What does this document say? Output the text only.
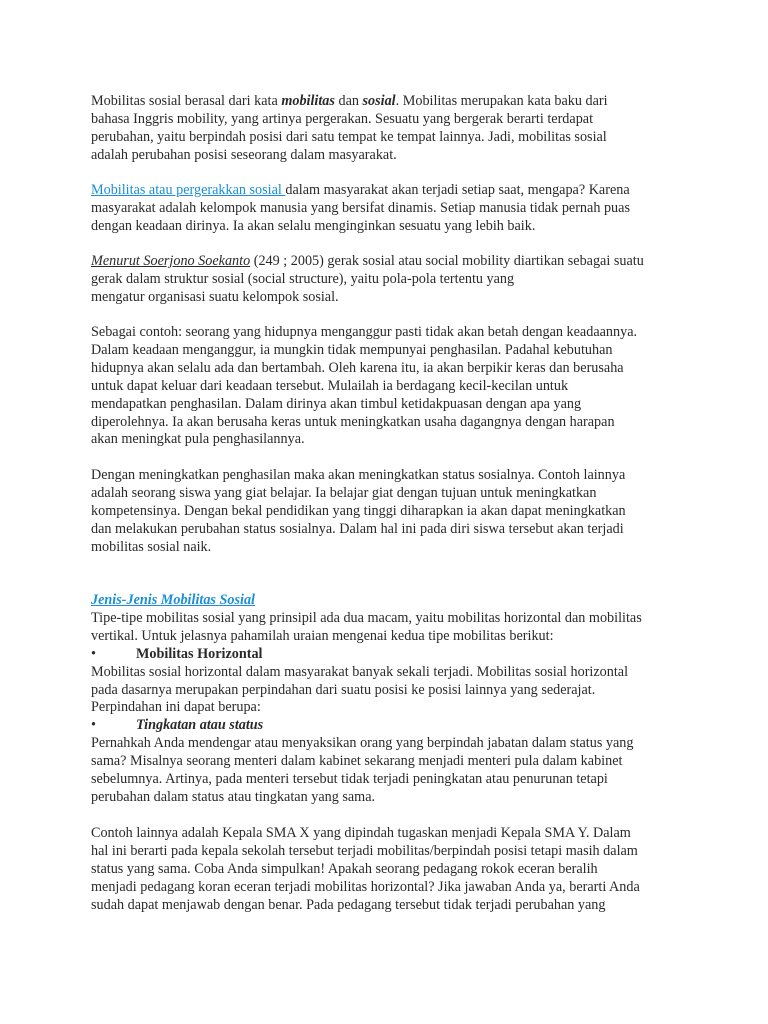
Mobilitas sosial berasal dari kata mobilitas dan sosial. Mobilitas merupakan kata baku dari
bahasa Inggris mobility, yang artinya pergerakan. Sesuatu yang bergerak berarti terdapat
perubahan, yaitu berpindah posisi dari satu tempat ke tempat lainnya. Jadi, mobilitas sosial
adalah perubahan posisi seseorang dalam masyarakat.
Mobilitas atau pergerakkan sosial dalam masyarakat akan terjadi setiap saat, mengapa? Karena
masyarakat adalah kelompok manusia yang bersifat dinamis. Setiap manusia tidak pernah puas
dengan keadaan dirinya. Ia akan selalu menginginkan sesuatu yang lebih baik.
Menurut Soerjono Soekanto (249 ; 2005) gerak sosial atau social mobility diartikan sebagai suatu
gerak dalam struktur sosial (social structure), yaitu pola-pola tertentu yang
mengatur organisasi suatu kelompok sosial.
Sebagai contoh: seorang yang hidupnya menganggur pasti tidak akan betah dengan keadaannya.
Dalam keadaan menganggur, ia mungkin tidak mempunyai penghasilan. Padahal kebutuhan
hidupnya akan selalu ada dan bertambah. Oleh karena itu, ia akan berpikir keras dan berusaha
untuk dapat keluar dari keadaan tersebut. Mulailah ia berdagang kecil-kecilan untuk
mendapatkan penghasilan. Dalam dirinya akan timbul ketidakpuasan dengan apa yang
diperolehnya. Ia akan berusaha keras untuk meningkatkan usaha dagangnya dengan harapan
akan meningkat pula penghasilannya.
Dengan meningkatkan penghasilan maka akan meningkatkan status sosialnya. Contoh lainnya
adalah seorang siswa yang giat belajar. Ia belajar giat dengan tujuan untuk meningkatkan
kompetensinya. Dengan bekal pendidikan yang tinggi diharapkan ia akan dapat meningkatkan
dan melakukan perubahan status sosialnya. Dalam hal ini pada diri siswa tersebut akan terjadi
mobilitas sosial naik.
Jenis-Jenis Mobilitas Sosial
Tipe-tipe mobilitas sosial yang prinsipil ada dua macam, yaitu mobilitas horizontal dan mobilitas
vertikal. Untuk jelasnya pahamilah uraian mengenai kedua tipe mobilitas berikut:
•	Mobilitas Horizontal
Mobilitas sosial horizontal dalam masyarakat banyak sekali terjadi. Mobilitas sosial horizontal
pada dasarnya merupakan perpindahan dari suatu posisi ke posisi lainnya yang sederajat.
Perpindahan ini dapat berupa:
•	Tingkatan atau status
Pernahkah Anda mendengar atau menyaksikan orang yang berpindah jabatan dalam status yang
sama? Misalnya seorang menteri dalam kabinet sekarang menjadi menteri pula dalam kabinet
sebelumnya. Artinya, pada menteri tersebut tidak terjadi peningkatan atau penurunan tetapi
perubahan dalam status atau tingkatan yang sama.
Contoh lainnya adalah Kepala SMA X yang dipindah tugaskan menjadi Kepala SMA Y. Dalam
hal ini berarti pada kepala sekolah tersebut terjadi mobilitas/berpindah posisi tetapi masih dalam
status yang sama. Coba Anda simpulkan! Apakah seorang pedagang rokok eceran beralih
menjadi pedagang koran eceran terjadi mobilitas horizontal? Jika jawaban Anda ya, berarti Anda
sudah dapat menjawab dengan benar. Pada pedagang tersebut tidak terjadi perubahan yang
